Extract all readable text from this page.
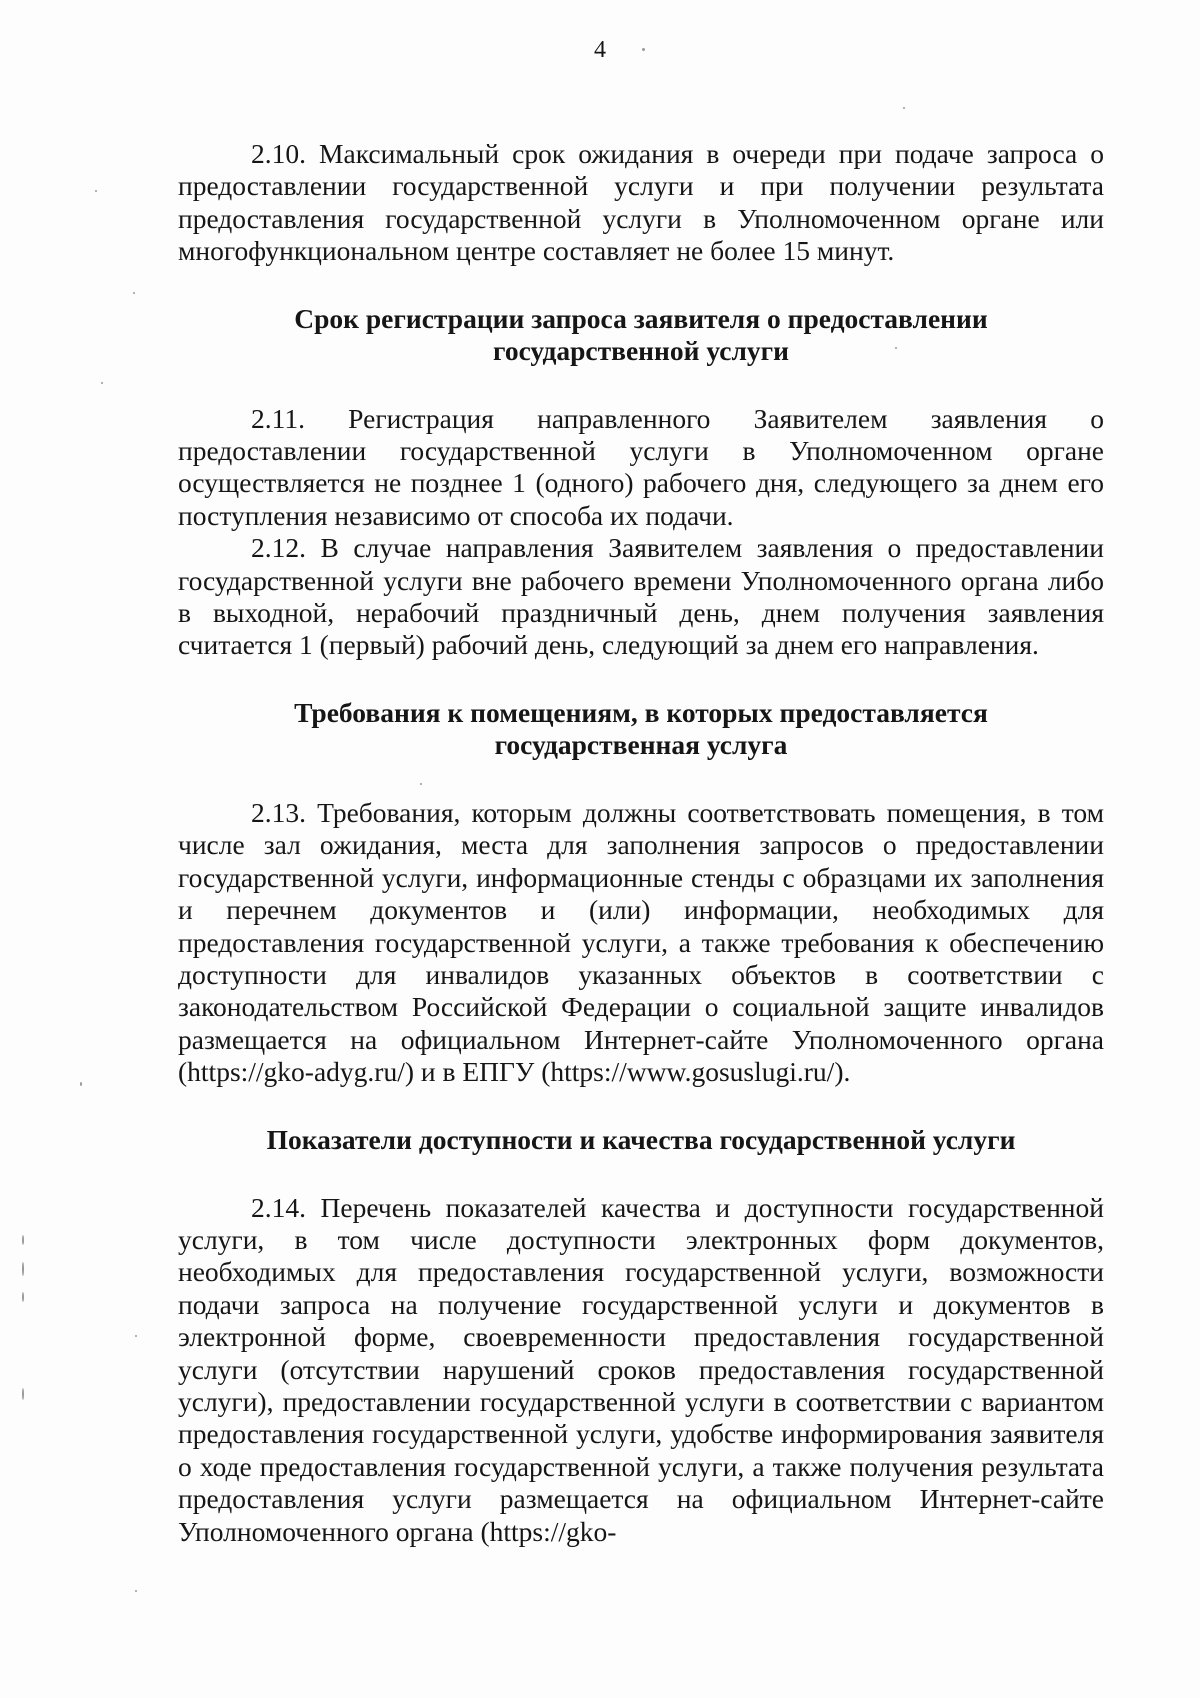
4

2.10. Максимальный срок ожидания в очереди при подаче запроса о предоставлении государственной услуги и при получении результата предоставления государственной услуги в Уполномоченном органе или многофункциональном центре составляет не более 15 минут.

Срок регистрации запроса заявителя о предоставлении
государственной услуги

2.11. Регистрация направленного Заявителем заявления о предоставлении государственной услуги в Уполномоченном органе осуществляется не позднее 1 (одного) рабочего дня, следующего за днем его поступления независимо от способа их подачи.

2.12. В случае направления Заявителем заявления о предоставлении государственной услуги вне рабочего времени Уполномоченного органа либо в выходной, нерабочий праздничный день, днем получения заявления считается 1 (первый) рабочий день, следующий за днем его направления.

Требования к помещениям, в которых предоставляется
государственная услуга

2.13. Требования, которым должны соответствовать помещения, в том числе зал ожидания, места для заполнения запросов о предоставлении государственной услуги, информационные стенды с образцами их заполнения и перечнем документов и (или) информации, необходимых для предоставления государственной услуги, а также требования к обеспечению доступности для инвалидов указанных объектов в соответствии с законодательством Российской Федерации о социальной защите инвалидов размещается на официальном Интернет-сайте Уполномоченного органа (https://gko-adyg.ru/) и в ЕПГУ (https://www.gosuslugi.ru/).

Показатели доступности и качества государственной услуги

2.14. Перечень показателей качества и доступности государственной услуги, в том числе доступности электронных форм документов, необходимых для предоставления государственной услуги, возможности подачи запроса на получение государственной услуги и документов в электронной форме, своевременности предоставления государственной услуги (отсутствии нарушений сроков предоставления государственной услуги), предоставлении государственной услуги в соответствии с вариантом предоставления государственной услуги, удобстве информирования заявителя о ходе предоставления государственной услуги, а также получения результата предоставления услуги размещается на официальном Интернет-сайте Уполномоченного органа (https://gko-
